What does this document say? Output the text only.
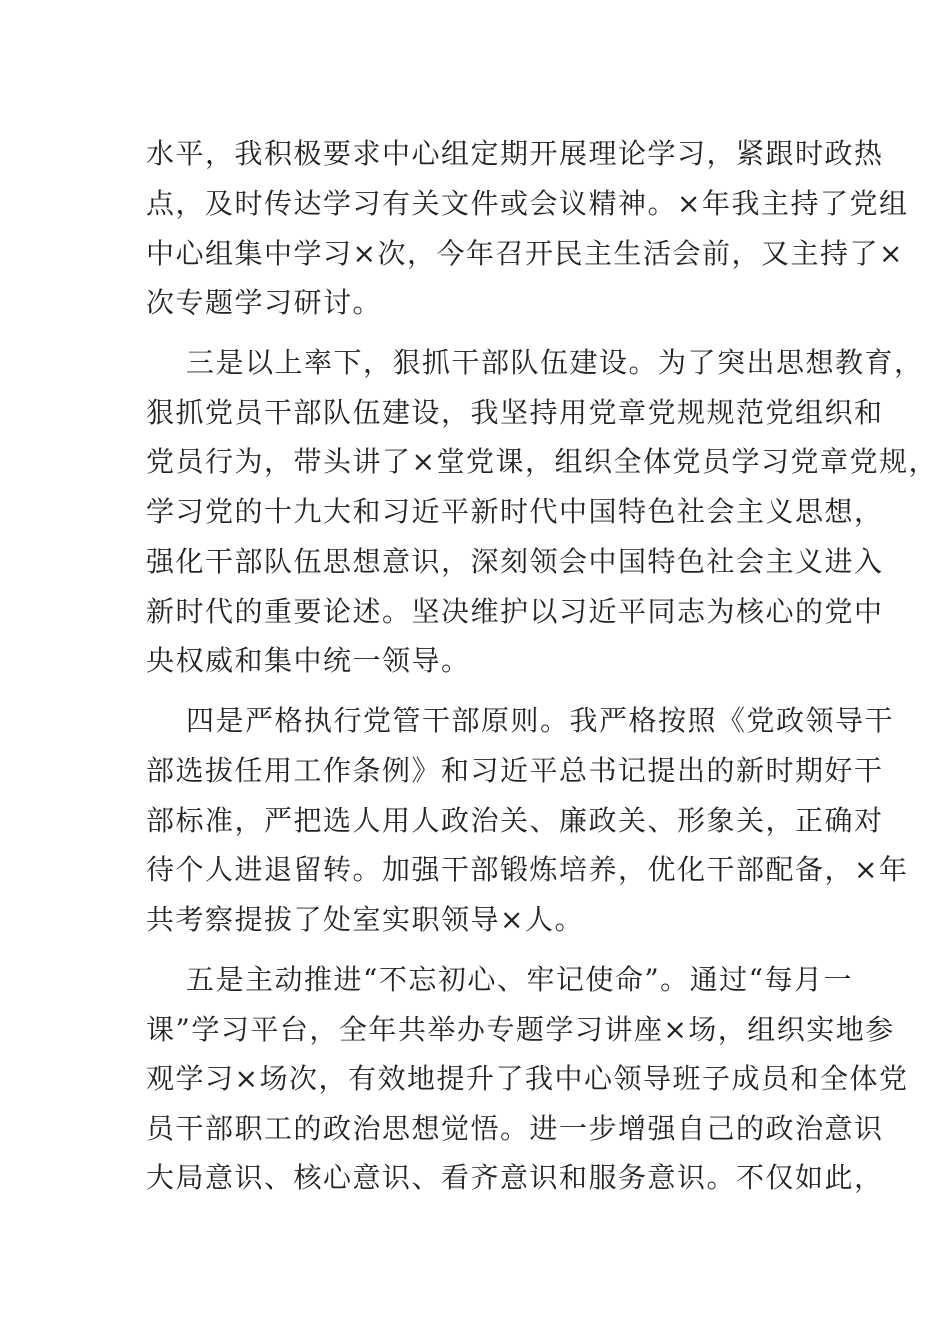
水平，我积极要求中心组定期开展理论学习，紧跟时政热
点，及时传达学习有关文件或会议精神。×年我主持了党组
中心组集中学习×次，今年召开民主生活会前，又主持了×
次专题学习研讨。
三是以上率下，狠抓干部队伍建设。为了突出思想教育，
狠抓党员干部队伍建设，我坚持用党章党规规范党组织和
党员行为，带头讲了×堂党课，组织全体党员学习党章党规，
学习党的十九大和习近平新时代中国特色社会主义思想，
强化干部队伍思想意识，深刻领会中国特色社会主义进入
新时代的重要论述。坚决维护以习近平同志为核心的党中
央权威和集中统一领导。
四是严格执行党管干部原则。我严格按照《党政领导干
部选拔任用工作条例》和习近平总书记提出的新时期好干
部标准，严把选人用人政治关、廉政关、形象关，正确对
待个人进退留转。加强干部锻炼培养，优化干部配备，×年
共考察提拔了处室实职领导×人。
五是主动推进“不忘初心、牢记使命”。通过“每月一
课”学习平台，全年共举办专题学习讲座×场，组织实地参
观学习×场次，有效地提升了我中心领导班子成员和全体党
员干部职工的政治思想觉悟。进一步增强自己的政治意识
大局意识、核心意识、看齐意识和服务意识。不仅如此，
